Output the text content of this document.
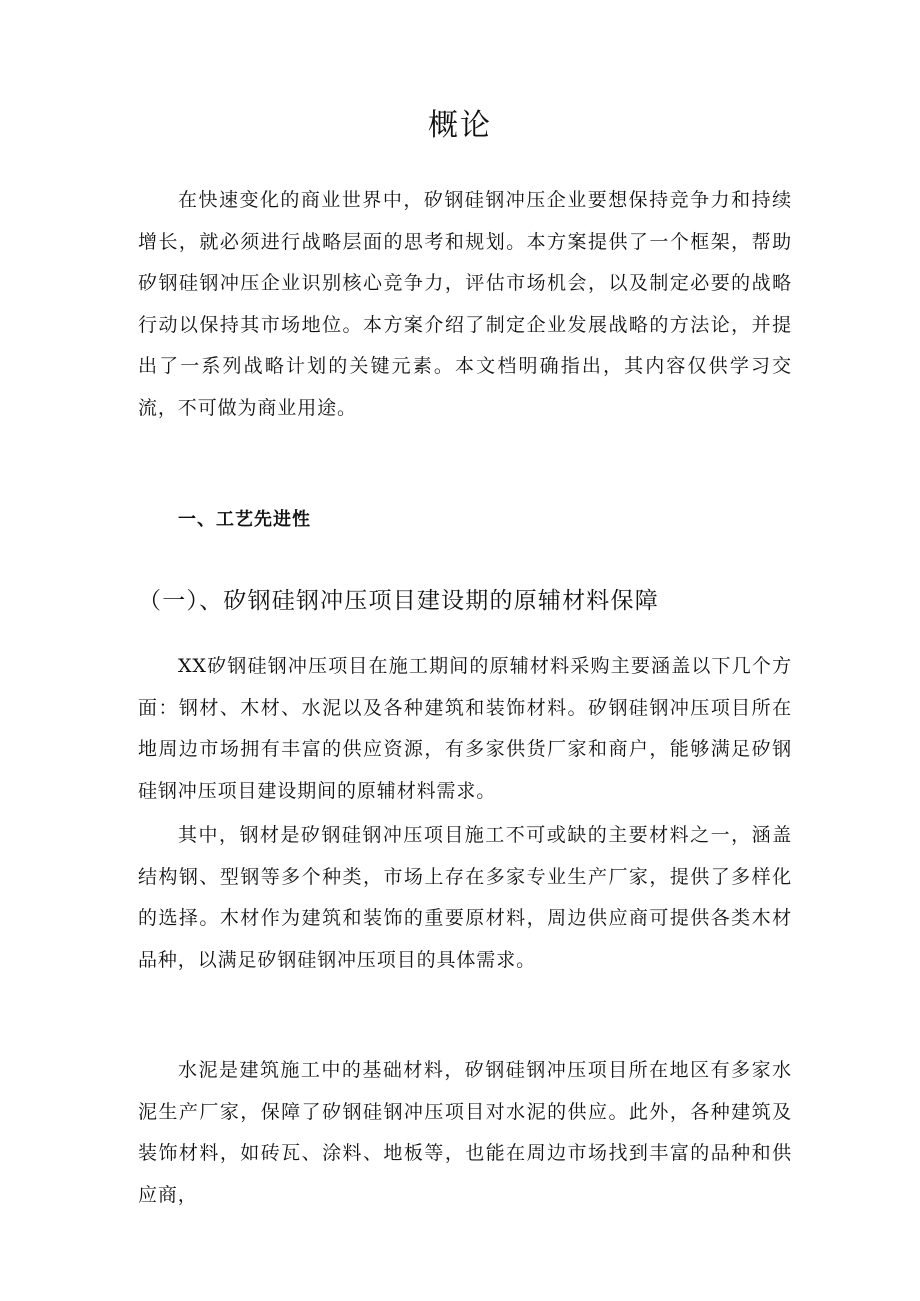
概论

在快速变化的商业世界中，矽钢硅钢冲压企业要想保持竞争力和持续增长，就必须进行战略层面的思考和规划。本方案提供了一个框架，帮助矽钢硅钢冲压企业识别核心竞争力，评估市场机会，以及制定必要的战略行动以保持其市场地位。本方案介绍了制定企业发展战略的方法论，并提出了一系列战略计划的关键元素。本文档明确指出，其内容仅供学习交流，不可做为商业用途。

一、工艺先进性
（一）、矽钢硅钢冲压项目建设期的原辅材料保障

XX矽钢硅钢冲压项目在施工期间的原辅材料采购主要涵盖以下几个方面：钢材、木材、水泥以及各种建筑和装饰材料。矽钢硅钢冲压项目所在地周边市场拥有丰富的供应资源，有多家供货厂家和商户，能够满足矽钢硅钢冲压项目建设期间的原辅材料需求。

其中，钢材是矽钢硅钢冲压项目施工不可或缺的主要材料之一，涵盖结构钢、型钢等多个种类，市场上存在多家专业生产厂家，提供了多样化的选择。木材作为建筑和装饰的重要原材料，周边供应商可提供各类木材品种，以满足矽钢硅钢冲压项目的具体需求。

水泥是建筑施工中的基础材料，矽钢硅钢冲压项目所在地区有多家水泥生产厂家，保障了矽钢硅钢冲压项目对水泥的供应。此外，各种建筑及装饰材料，如砖瓦、涂料、地板等，也能在周边市场找到丰富的品种和供应商，
